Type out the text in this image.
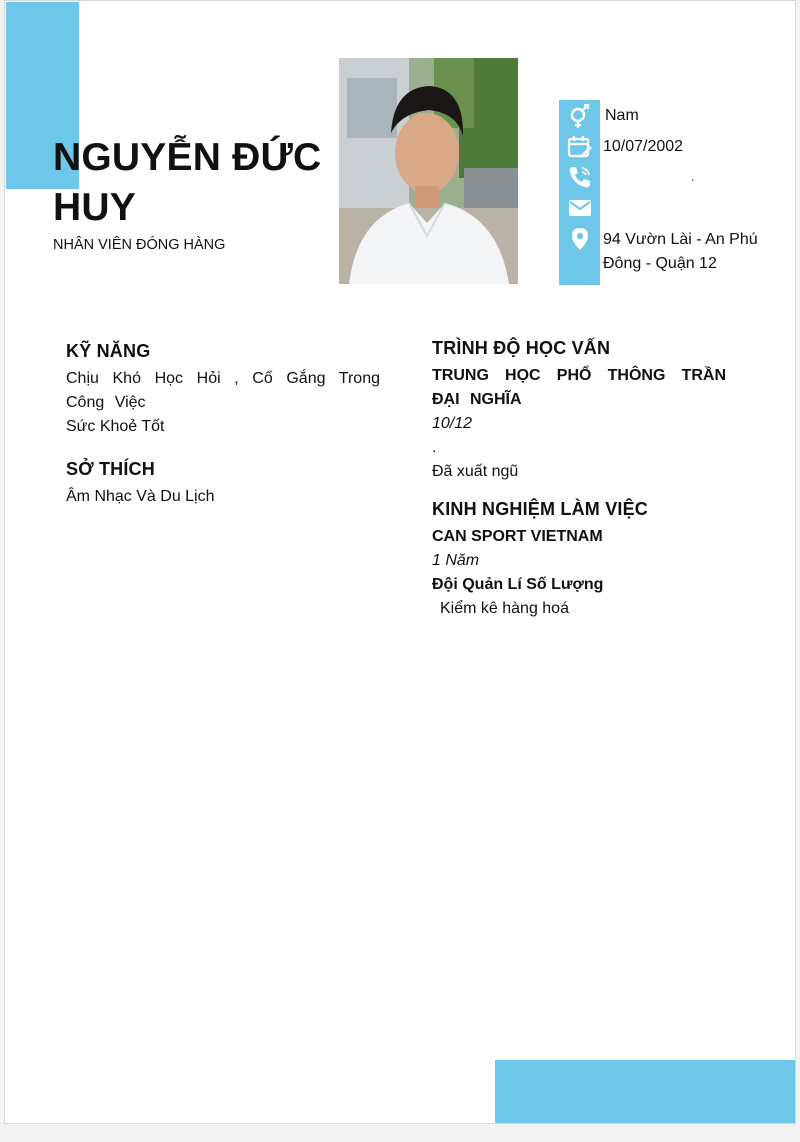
NGUYỄN ĐỨC HUY

NHÂN VIÊN ĐÓNG HÀNG

Nam

10/07/2002

.

94 Vườn Lài - An Phú Đông - Quận 12

KỸ NĂNG

Chịu Khó Học Hỏi , Cố Gắng Trong Công Việc

Sức Khoẻ Tốt

SỞ THÍCH

Âm Nhạc Và Du Lịch

TRÌNH ĐỘ HỌC VẤN

TRUNG HỌC PHỔ THÔNG TRẦN ĐẠI NGHĨA

10/12

.

Đã xuất ngũ

KINH NGHIỆM LÀM VIỆC

CAN SPORT VIETNAM

1 Năm

Đội Quản Lí Số Lượng

Kiểm kê hàng hoá
